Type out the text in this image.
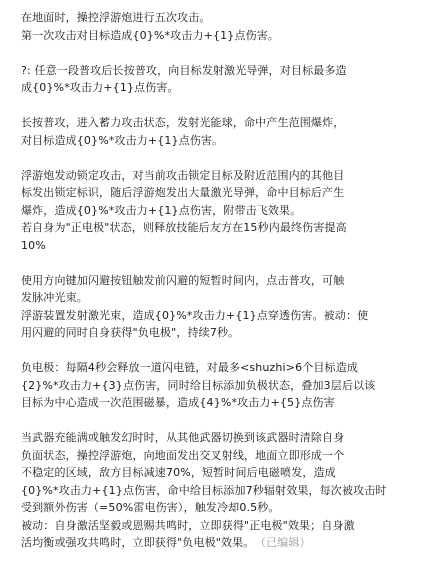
在地面时，操控浮游炮进行五次攻击。
第一次攻击对目标造成{0}%*攻击力+{1}点伤害。
?: 任意一段普攻后长按普攻，向目标发射激光导弹，对目标最多造
成{0}%*攻击力+{1}点伤害。
长按普攻，进入蓄力攻击状态，发射光能球，命中产生范围爆炸，
对目标造成{0}%*攻击力+{1}点伤害。
浮游炮发动锁定攻击，对当前攻击锁定目标及附近范围内的其他目
标发出锁定标识，随后浮游炮发出大量激光导弹，命中目标后产生
爆炸，造成{0}%*攻击力+{1}点伤害，附带击飞效果。
若自身为"正电极"状态，则释放技能后友方在15秒内最终伤害提高
10%
使用方向键加闪避按钮触发前闪避的短暂时间内，点击普攻，可触
发脉冲光束。
浮游装置发射激光束，造成{0}%*攻击力+{1}点穿透伤害。被动：使
用闪避的同时自身获得"负电极"，持续7秒。
负电极：每隔4秒会释放一道闪电链，对最多<shuzhi>6个目标造成
{2}%*攻击力+{3}点伤害，同时给目标添加负极状态，叠加3层后以该
目标为中心造成一次范围磁暴，造成{4}%*攻击力+{5}点伤害
当武器充能满或触发幻时时，从其他武器切换到该武器时清除自身
负面状态，操控浮游炮，向地面发出交叉射线，地面立即形成一个
不稳定的区域，敌方目标减速70%，短暂时间后电磁喷发，造成
{0}%*攻击力+{1}点伤害，命中给目标添加7秒辐射效果，每次被攻击时
受到额外伤害（=50%雷电伤害），触发冷却0.5秒。
被动：自身激活坚毅或恩赐共鸣时，立即获得"正电极"效果；自身激
活均衡或强攻共鸣时，立即获得"负电极"效果。 （已编辑）
